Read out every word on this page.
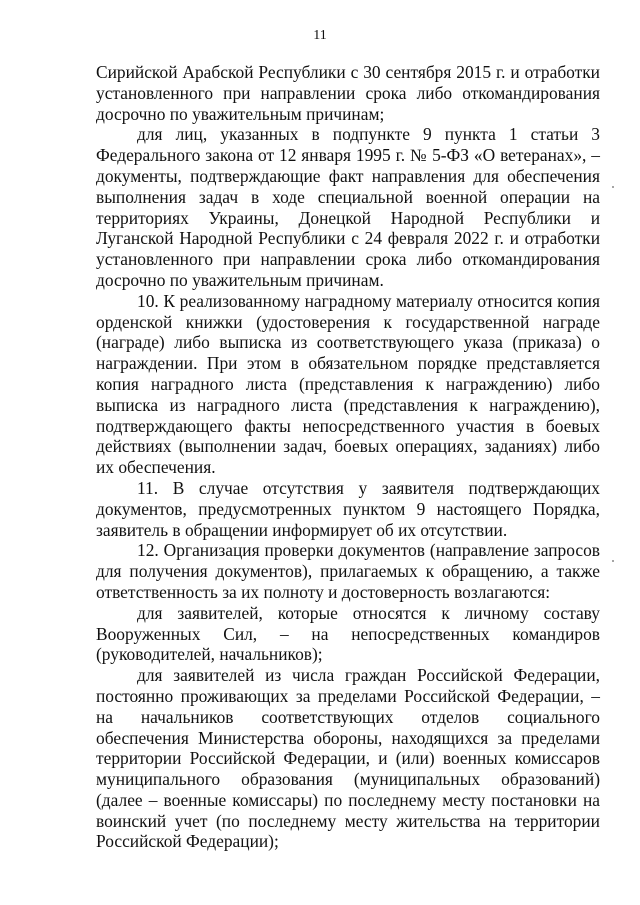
11

Сирийской Арабской Республики с 30 сентября 2015 г. и отработки установленного при направлении срока либо откомандирования досрочно по уважительным причинам;

для лиц, указанных в подпункте 9 пункта 1 статьи 3 Федерального закона от 12 января 1995 г. № 5-ФЗ «О ветеранах», – документы, подтверждающие факт направления для обеспечения выполнения задач в ходе специальной военной операции на территориях Украины, Донецкой Народной Республики и Луганской Народной Республики с 24 февраля 2022 г. и отработки установленного при направлении срока либо откомандирования досрочно по уважительным причинам.

10. К реализованному наградному материалу относится копия орденской книжки (удостоверения к государственной награде (награде) либо выписка из соответствующего указа (приказа) о награждении. При этом в обязательном порядке представляется копия наградного листа (представления к награждению) либо выписка из наградного листа (представления к награждению), подтверждающего факты непосредственного участия в боевых действиях (выполнении задач, боевых операциях, заданиях) либо их обеспечения.

11. В случае отсутствия у заявителя подтверждающих документов, предусмотренных пунктом 9 настоящего Порядка, заявитель в обращении информирует об их отсутствии.

12. Организация проверки документов (направление запросов для получения документов), прилагаемых к обращению, а также ответственность за их полноту и достоверность возлагаются:

для заявителей, которые относятся к личному составу Вооруженных Сил, – на непосредственных командиров (руководителей, начальников);

для заявителей из числа граждан Российской Федерации, постоянно проживающих за пределами Российской Федерации, – на начальников соответствующих отделов социального обеспечения Министерства обороны, находящихся за пределами территории Российской Федерации, и (или) военных комиссаров муниципального образования (муниципальных образований) (далее – военные комиссары) по последнему месту постановки на воинский учет (по последнему месту жительства на территории Российской Федерации);
